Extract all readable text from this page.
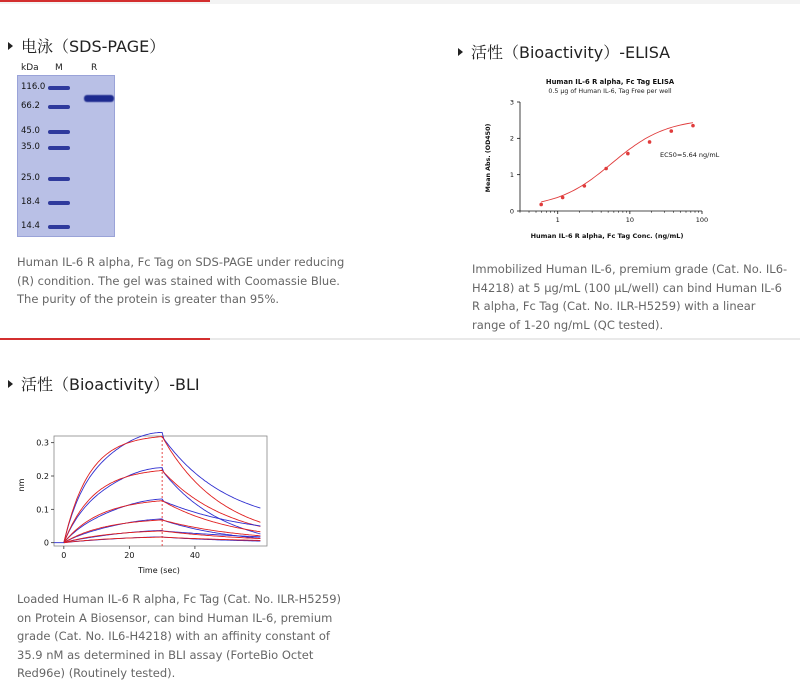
电泳（SDS-PAGE）
kDa M	R
116.0
66.2
45.0
35.0
25.0
18.4
14.4
Human IL-6 R alpha, Fc Tag on SDS-PAGE under reducing (R) condition. The gel was stained with Coomassie Blue. The purity of the protein is greater than 95%.
活性（Bioactivity）-ELISA
Human IL-6 R alpha, Fc Tag ELISA
0.5 μg of Human IL-6, Tag Free per well
0
1
2
3
1	10	100
EC50=5.64 ng/mL
Human IL-6 R alpha, Fc Tag Conc. (ng/mL)
Mean Abs. (OD450)
Immobilized Human IL-6, premium grade (Cat. No. IL6-H4218) at 5 μg/mL (100 μL/well) can bind Human IL-6 R alpha, Fc Tag (Cat. No. ILR-H5259) with a linear range of 1-20 ng/mL (QC tested).
活性（Bioactivity）-BLI
0
0.1
0.2
0.3
0	20	40
Time (sec)
nm
Loaded Human IL-6 R alpha, Fc Tag (Cat. No. ILR-H5259) on Protein A Biosensor, can bind Human IL-6, premium grade (Cat. No. IL6-H4218) with an affinity constant of 35.9 nM as determined in BLI assay (ForteBio Octet Red96e) (Routinely tested).
